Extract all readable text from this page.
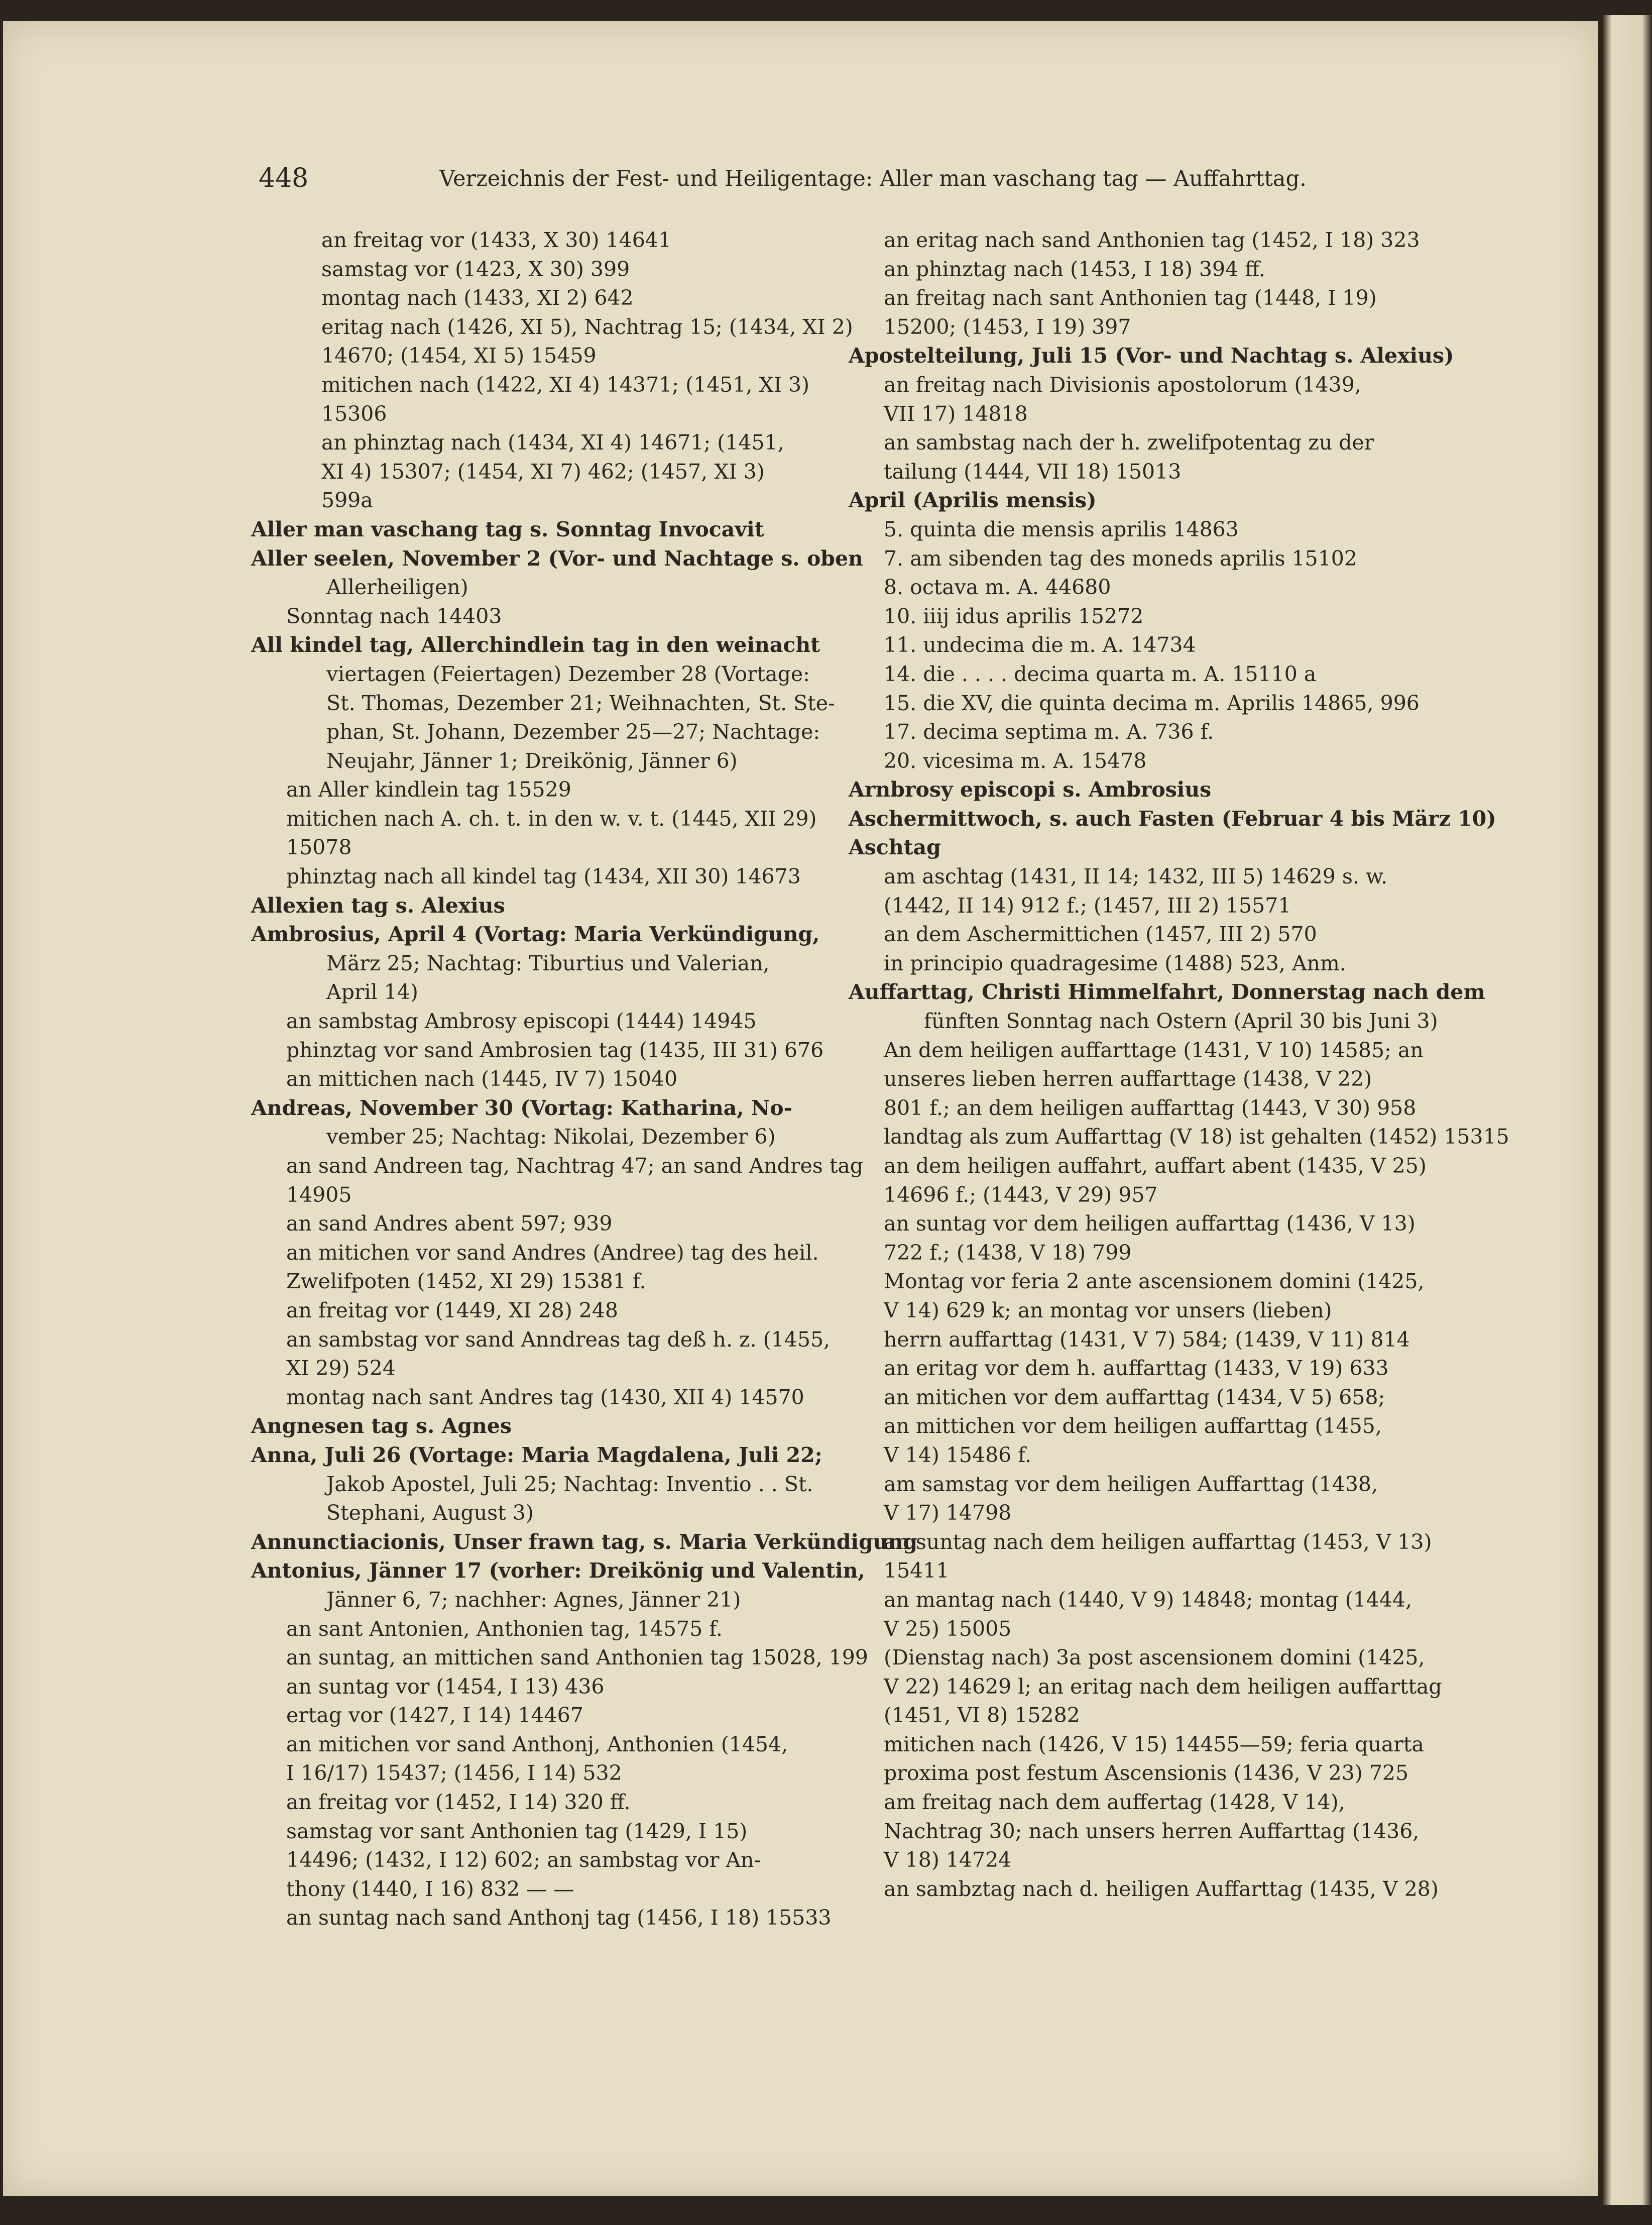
448	Verzeichnis der Fest- und Heiligentage: Aller man vaschang tag — Auffahrttag.
an freitag vor (1433, X 30) 14641
samstag vor (1423, X 30) 399
montag nach (1433, XI 2) 642
eritag nach (1426, XI 5), Nachtrag 15; (1434, XI 2)
14670; (1454, XI 5) 15459
mitichen nach (1422, XI 4) 14371; (1451, XI 3)
15306
an phinztag nach (1434, XI 4) 14671; (1451,
XI 4) 15307; (1454, XI 7) 462; (1457, XI 3)
599a
Aller man vaschang tag s. Sonntag Invocavit
Aller seelen, November 2 (Vor- und Nachtage s. oben
Allerheiligen)
Sonntag nach 14403
All kindel tag, Allerchindlein tag in den weinacht
viertagen (Feiertagen) Dezember 28 (Vortage:
St. Thomas, Dezember 21; Weihnachten, St. Ste-
phan, St. Johann, Dezember 25—27; Nachtage:
Neujahr, Jänner 1; Dreikönig, Jänner 6)
an Aller kindlein tag 15529
mitichen nach A. ch. t. in den w. v. t. (1445, XII 29)
15078
phinztag nach all kindel tag (1434, XII 30) 14673
Allexien tag s. Alexius
Ambrosius, April 4 (Vortag: Maria Verkündigung,
März 25; Nachtag: Tiburtius und Valerian,
April 14)
an sambstag Ambrosy episcopi (1444) 14945
phinztag vor sand Ambrosien tag (1435, III 31) 676
an mittichen nach (1445, IV 7) 15040
Andreas, November 30 (Vortag: Katharina, No-
vember 25; Nachtag: Nikolai, Dezember 6)
an sand Andreen tag, Nachtrag 47; an sand Andres tag
14905
an sand Andres abent 597; 939
an mitichen vor sand Andres (Andree) tag des heil.
Zwelifpoten (1452, XI 29) 15381 f.
an freitag vor (1449, XI 28) 248
an sambstag vor sand Anndreas tag deß h. z. (1455,
XI 29) 524
montag nach sant Andres tag (1430, XII 4) 14570
Angnesen tag s. Agnes
Anna, Juli 26 (Vortage: Maria Magdalena, Juli 22;
Jakob Apostel, Juli 25; Nachtag: Inventio . . St.
Stephani, August 3)
Annunctiacionis, Unser frawn tag, s. Maria Verkündigung
Antonius, Jänner 17 (vorher: Dreikönig und Valentin,
Jänner 6, 7; nachher: Agnes, Jänner 21)
an sant Antonien, Anthonien tag, 14575 f.
an suntag, an mittichen sand Anthonien tag 15028, 199
an suntag vor (1454, I 13) 436
ertag vor (1427, I 14) 14467
an mitichen vor sand Anthonj, Anthonien (1454,
I 16/17) 15437; (1456, I 14) 532
an freitag vor (1452, I 14) 320 ff.
samstag vor sant Anthonien tag (1429, I 15)
14496; (1432, I 12) 602; an sambstag vor An-
thony (1440, I 16) 832 — —
an suntag nach sand Anthonj tag (1456, I 18) 15533
an eritag nach sand Anthonien tag (1452, I 18) 323
an phinztag nach (1453, I 18) 394 ff.
an freitag nach sant Anthonien tag (1448, I 19)
15200; (1453, I 19) 397
Apostelteilung, Juli 15 (Vor- und Nachtag s. Alexius)
an freitag nach Divisionis apostolorum (1439,
VII 17) 14818
an sambstag nach der h. zwelifpotentag zu der
tailung (1444, VII 18) 15013
April (Aprilis mensis)
5. quinta die mensis aprilis 14863
7. am sibenden tag des moneds aprilis 15102
8. octava m. A. 44680
10. iiij idus aprilis 15272
11. undecima die m. A. 14734
14. die . . . . decima quarta m. A. 15110 a
15. die XV, die quinta decima m. Aprilis 14865, 996
17. decima septima m. A. 736 f.
20. vicesima m. A. 15478
Arnbrosy episcopi s. Ambrosius
Aschermittwoch, s. auch Fasten (Februar 4 bis März 10)
Aschtag
am aschtag (1431, II 14; 1432, III 5) 14629 s. w.
(1442, II 14) 912 f.; (1457, III 2) 15571
an dem Aschermittichen (1457, III 2) 570
in principio quadragesime (1488) 523, Anm.
Auffarttag, Christi Himmelfahrt, Donnerstag nach dem
fünften Sonntag nach Ostern (April 30 bis Juni 3)
An dem heiligen auffarttage (1431, V 10) 14585; an
unseres lieben herren auffarttage (1438, V 22)
801 f.; an dem heiligen auffarttag (1443, V 30) 958
landtag als zum Auffarttag (V 18) ist gehalten (1452) 15315
an dem heiligen auffahrt, auffart abent (1435, V 25)
14696 f.; (1443, V 29) 957
an suntag vor dem heiligen auffarttag (1436, V 13)
722 f.; (1438, V 18) 799
Montag vor feria 2 ante ascensionem domini (1425,
V 14) 629 k; an montag vor unsers (lieben)
herrn auffarttag (1431, V 7) 584; (1439, V 11) 814
an eritag vor dem h. auffarttag (1433, V 19) 633
an mitichen vor dem auffarttag (1434, V 5) 658;
an mittichen vor dem heiligen auffarttag (1455,
V 14) 15486 f.
am samstag vor dem heiligen Auffarttag (1438,
V 17) 14798
an suntag nach dem heiligen auffarttag (1453, V 13)
15411
an mantag nach (1440, V 9) 14848; montag (1444,
V 25) 15005
(Dienstag nach) 3a post ascensionem domini (1425,
V 22) 14629 l; an eritag nach dem heiligen auffarttag
(1451, VI 8) 15282
mitichen nach (1426, V 15) 14455—59; feria quarta
proxima post festum Ascensionis (1436, V 23) 725
am freitag nach dem auffertag (1428, V 14),
Nachtrag 30; nach unsers herren Auffarttag (1436,
V 18) 14724
an sambztag nach d. heiligen Auffarttag (1435, V 28)
